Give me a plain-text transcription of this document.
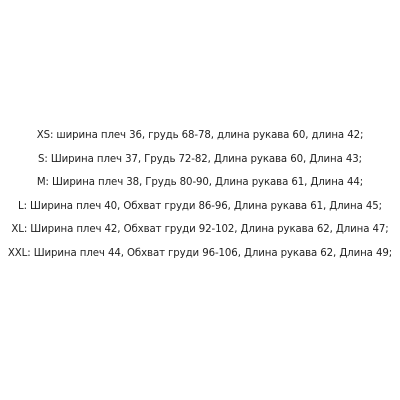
XS: ширина плеч 36, грудь 68-78, длина рукава 60, длина 42;
S: Ширина плеч 37, Грудь 72-82, Длина рукава 60, Длина 43;
M: Ширина плеч 38, Грудь 80-90, Длина рукава 61, Длина 44;
L: Ширина плеч 40, Обхват груди 86-96, Длина рукава 61, Длина 45;
XL: Ширина плеч 42, Обхват груди 92-102, Длина рукава 62, Длина 47;
XXL: Ширина плеч 44, Обхват груди 96-106, Длина рукава 62, Длина 49;
